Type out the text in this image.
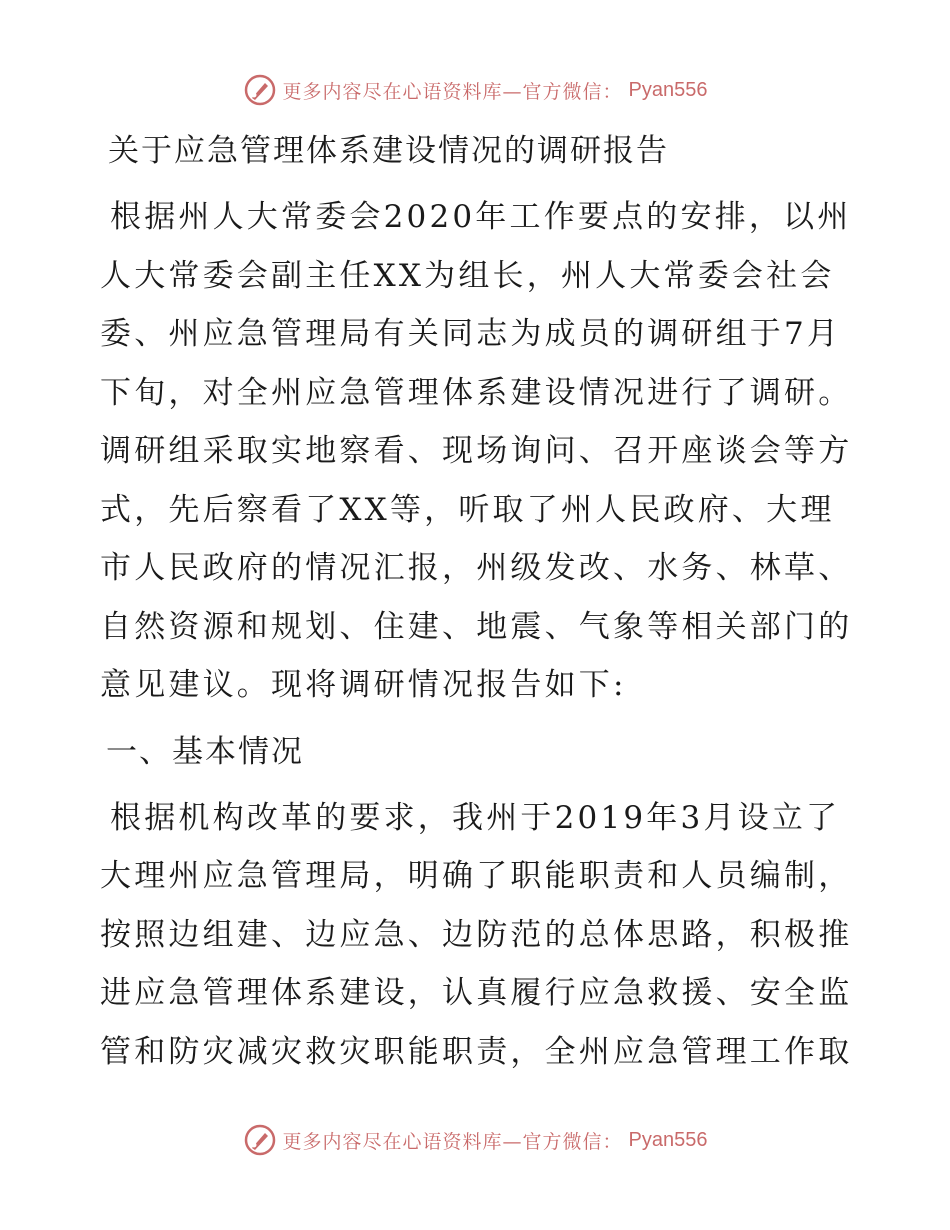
更多内容尽在心语资料库—官方微信： Pyan556
关于应急管理体系建设情况的调研报告
根据州人大常委会2020年工作要点的安排，以州
人大常委会副主任XX为组长，州人大常委会社会
委、州应急管理局有关同志为成员的调研组于7月
下旬，对全州应急管理体系建设情况进行了调研。
调研组采取实地察看、现场询问、召开座谈会等方
式，先后察看了XX等，听取了州人民政府、大理
市人民政府的情况汇报，州级发改、水务、林草、
自然资源和规划、住建、地震、气象等相关部门的
意见建议。现将调研情况报告如下:
一、基本情况
根据机构改革的要求，我州于2019年3月设立了
大理州应急管理局，明确了职能职责和人员编制，
按照边组建、边应急、边防范的总体思路，积极推
进应急管理体系建设，认真履行应急救援、安全监
管和防灾减灾救灾职能职责，全州应急管理工作取
更多内容尽在心语资料库—官方微信： Pyan556
